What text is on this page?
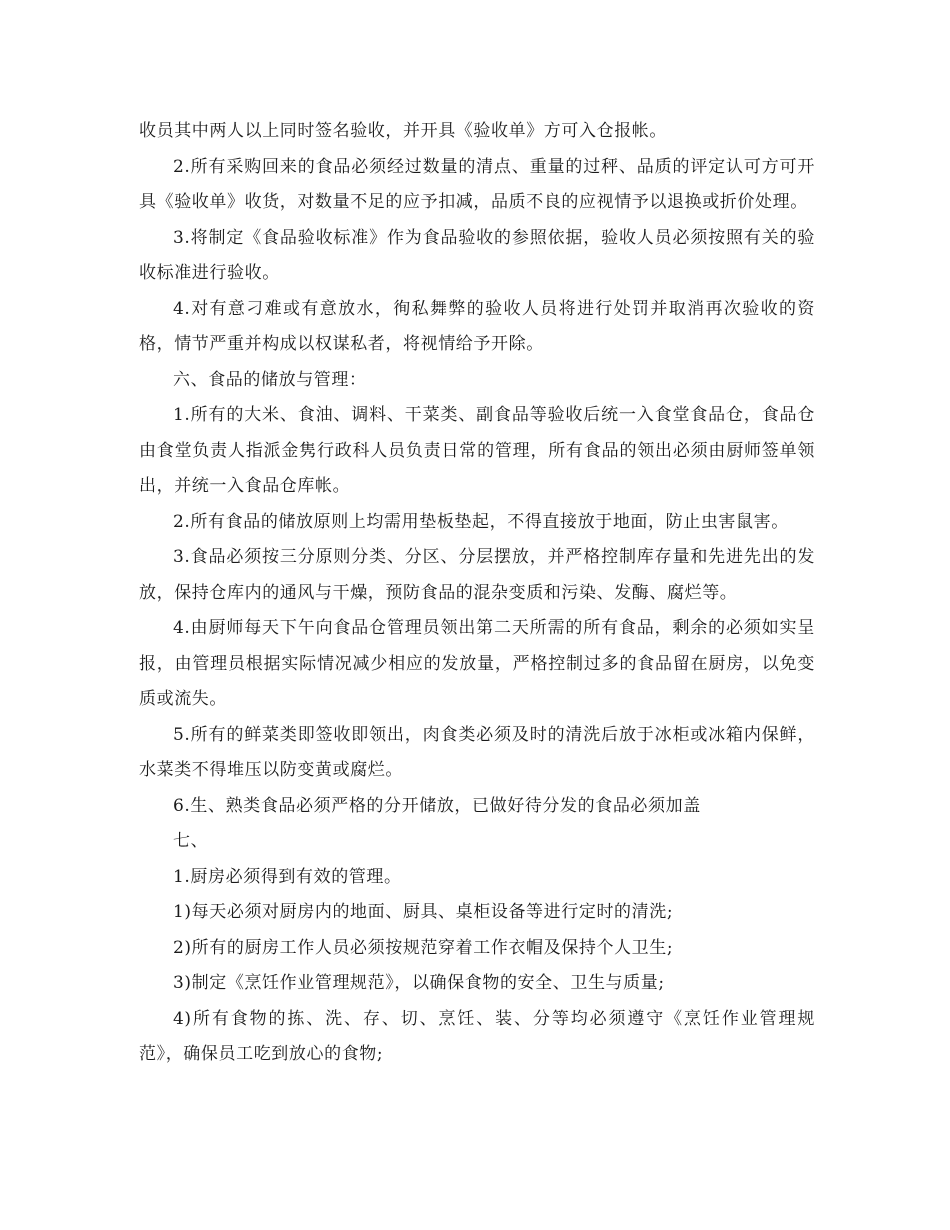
收员其中两人以上同时签名验收，并开具《验收单》方可入仓报帐。

2.所有采购回来的食品必须经过数量的清点、重量的过秤、品质的评定认可方可开具《验收单》收货，对数量不足的应予扣减，品质不良的应视情予以退换或折价处理。

3.将制定《食品验收标准》作为食品验收的参照依据，验收人员必须按照有关的验收标准进行验收。

4.对有意刁难或有意放水，徇私舞弊的验收人员将进行处罚并取消再次验收的资格，情节严重并构成以权谋私者，将视情给予开除。

六、食品的储放与管理：

1.所有的大米、食油、调料、干菜类、副食品等验收后统一入食堂食品仓，食品仓由食堂负责人指派金隽行政科人员负责日常的管理，所有食品的领出必须由厨师签单领出，并统一入食品仓库帐。

2.所有食品的储放原则上均需用垫板垫起，不得直接放于地面，防止虫害鼠害。

3.食品必须按三分原则分类、分区、分层摆放，并严格控制库存量和先进先出的发放，保持仓库内的通风与干燥，预防食品的混杂变质和污染、发酶、腐烂等。

4.由厨师每天下午向食品仓管理员领出第二天所需的所有食品，剩余的必须如实呈报，由管理员根据实际情况减少相应的发放量，严格控制过多的食品留在厨房，以免变质或流失。

5.所有的鲜菜类即签收即领出，肉食类必须及时的清洗后放于冰柜或冰箱内保鲜，水菜类不得堆压以防变黄或腐烂。

6.生、熟类食品必须严格的分开储放，已做好待分发的食品必须加盖

七、

1.厨房必须得到有效的管理。

1)每天必须对厨房内的地面、厨具、桌柜设备等进行定时的清洗;

2)所有的厨房工作人员必须按规范穿着工作衣帽及保持个人卫生;

3)制定《烹饪作业管理规范》，以确保食物的安全、卫生与质量;

4)所有食物的拣、洗、存、切、烹饪、装、分等均必须遵守《烹饪作业管理规范》，确保员工吃到放心的食物;
